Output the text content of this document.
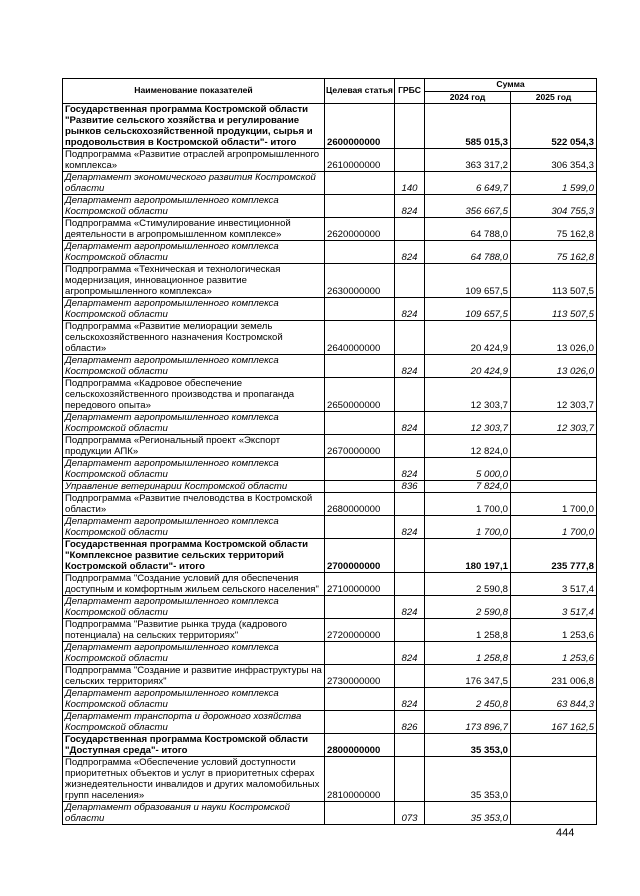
Наименование показателей	Целевая статья	ГРБС	Сумма	
			2024 год	2025 год
Государственная программа Костромской области "Развитие сельского хозяйства и регулирование рынков сельскохозяйственной продукции, сырья и продовольствия в Костромской области"- итого	2600000000		585 015,3	522 054,3
Подпрограмма «Развитие отраслей агропромышленного комплекса»	2610000000		363 317,2	306 354,3
Департамент экономического развития Костромской области		140	6 649,7	1 599,0
Департамент агропромышленного комплекса Костромской области		824	356 667,5	304 755,3
Подпрограмма «Стимулирование инвестиционной деятельности в агропромышленном комплексе»	2620000000		64 788,0	75 162,8
Департамент агропромышленного комплекса Костромской области		824	64 788,0	75 162,8
Подпрограмма «Техническая и технологическая модернизация, инновационное развитие агропромышленного комплекса»	2630000000		109 657,5	113 507,5
Департамент агропромышленного комплекса Костромской области		824	109 657,5	113 507,5
Подпрограмма «Развитие мелиорации земель сельскохозяйственного назначения Костромской области»	2640000000		20 424,9	13 026,0
Департамент агропромышленного комплекса Костромской области		824	20 424,9	13 026,0
Подпрограмма «Кадровое обеспечение сельскохозяйственного производства и пропаганда передового опыта»	2650000000		12 303,7	12 303,7
Департамент агропромышленного комплекса Костромской области		824	12 303,7	12 303,7
Подпрограмма «Региональный проект «Экспорт продукции АПК»	2670000000		12 824,0	
Департамент агропромышленного комплекса Костромской области		824	5 000,0	
Управление ветеринарии Костромской области		836	7 824,0	
Подпрограмма «Развитие пчеловодства в Костромской области»	2680000000		1 700,0	1 700,0
Департамент агропромышленного комплекса Костромской области		824	1 700,0	1 700,0
Государственная программа Костромской области "Комплексное развитие сельских территорий Костромской области"- итого	2700000000		180 197,1	235 777,8
Подпрограмма "Создание условий для обеспечения доступным и комфортным жильем сельского населения"	2710000000		2 590,8	3 517,4
Департамент агропромышленного комплекса Костромской области		824	2 590,8	3 517,4
Подпрограмма "Развитие рынка труда (кадрового потенциала) на сельских территориях"	2720000000		1 258,8	1 253,6
Департамент агропромышленного комплекса Костромской области		824	1 258,8	1 253,6
Подпрограмма "Создание и развитие инфраструктуры на сельских территориях"	2730000000		176 347,5	231 006,8
Департамент агропромышленного комплекса Костромской области		824	2 450,8	63 844,3
Департамент транспорта и дорожного хозяйства Костромской области		826	173 896,7	167 162,5
Государственная программа Костромской области "Доступная среда"- итого	2800000000		35 353,0	
Подпрограмма «Обеспечение условий доступности приоритетных объектов и услуг в приоритетных сферах жизнедеятельности инвалидов и других маломобильных групп населения»	2810000000		35 353,0	
Департамент образования и науки Костромской области		073	35 353,0	
444
